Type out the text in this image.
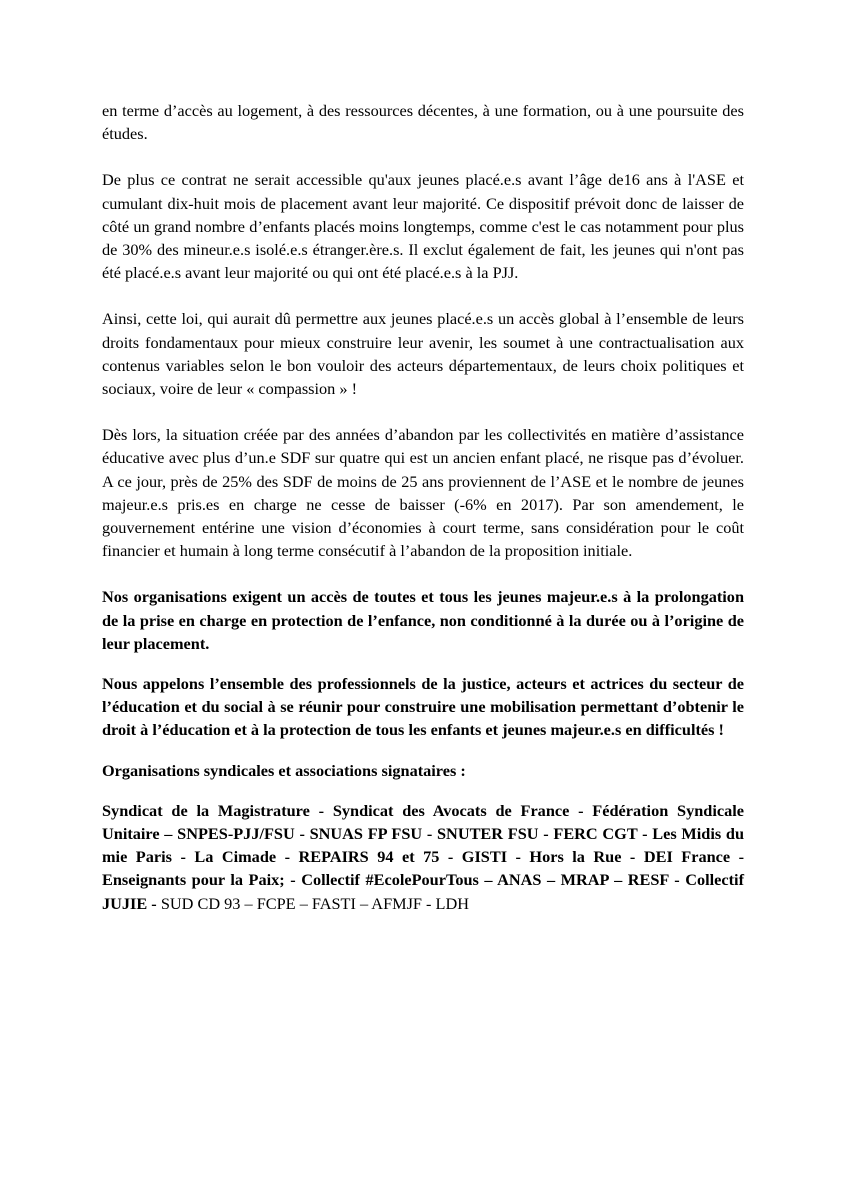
en terme d’accès au logement, à des ressources décentes, à une formation, ou à une poursuite des études.

De plus ce contrat ne serait accessible qu'aux jeunes placé.e.s avant l’âge de16 ans à l'ASE et cumulant dix-huit mois de placement avant leur majorité. Ce dispositif prévoit donc de laisser de côté un grand nombre d’enfants placés moins longtemps, comme c'est le cas notamment pour plus de 30% des mineur.e.s isolé.e.s étranger.ère.s. Il exclut également de fait, les jeunes qui n'ont pas été placé.e.s avant leur majorité ou qui ont été placé.e.s à la PJJ.

Ainsi, cette loi, qui aurait dû permettre aux jeunes placé.e.s un accès global à l’ensemble de leurs droits fondamentaux pour mieux construire leur avenir, les soumet à une contractualisation aux contenus variables selon le bon vouloir des acteurs départementaux, de leurs choix politiques et sociaux, voire de leur « compassion » !

Dès lors, la situation créée par des années d’abandon par les collectivités en matière d’assistance éducative avec plus d’un.e SDF sur quatre qui est un ancien enfant placé, ne risque pas d’évoluer. A ce jour, près de 25% des SDF de moins de 25 ans proviennent de l’ASE et le nombre de jeunes majeur.e.s pris.es en charge ne cesse de baisser (-6% en 2017). Par son amendement, le gouvernement entérine une vision d’économies à court terme, sans considération pour le coût financier et humain à long terme consécutif à l’abandon de la proposition initiale.

Nos organisations exigent un accès de toutes et tous les jeunes majeur.e.s à la prolongation de la prise en charge en protection de l’enfance, non conditionné à la durée ou à l’origine de leur placement.

Nous appelons l’ensemble des professionnels de la justice, acteurs et actrices du secteur de l’éducation et du social à se réunir pour construire une mobilisation permettant d’obtenir le droit à l’éducation et à la protection de tous les enfants et jeunes majeur.e.s en difficultés !

Organisations syndicales et associations signataires :

Syndicat de la Magistrature - Syndicat des Avocats de France - Fédération Syndicale Unitaire – SNPES-PJJ/FSU - SNUAS FP FSU - SNUTER FSU - FERC CGT - Les Midis du mie Paris - La Cimade - REPAIRS 94 et 75 - GISTI - Hors la Rue - DEI France - Enseignants pour la Paix; - Collectif #EcolePourTous – ANAS – MRAP – RESF - Collectif JUJIE - SUD CD 93 – FCPE – FASTI – AFMJF - LDH
